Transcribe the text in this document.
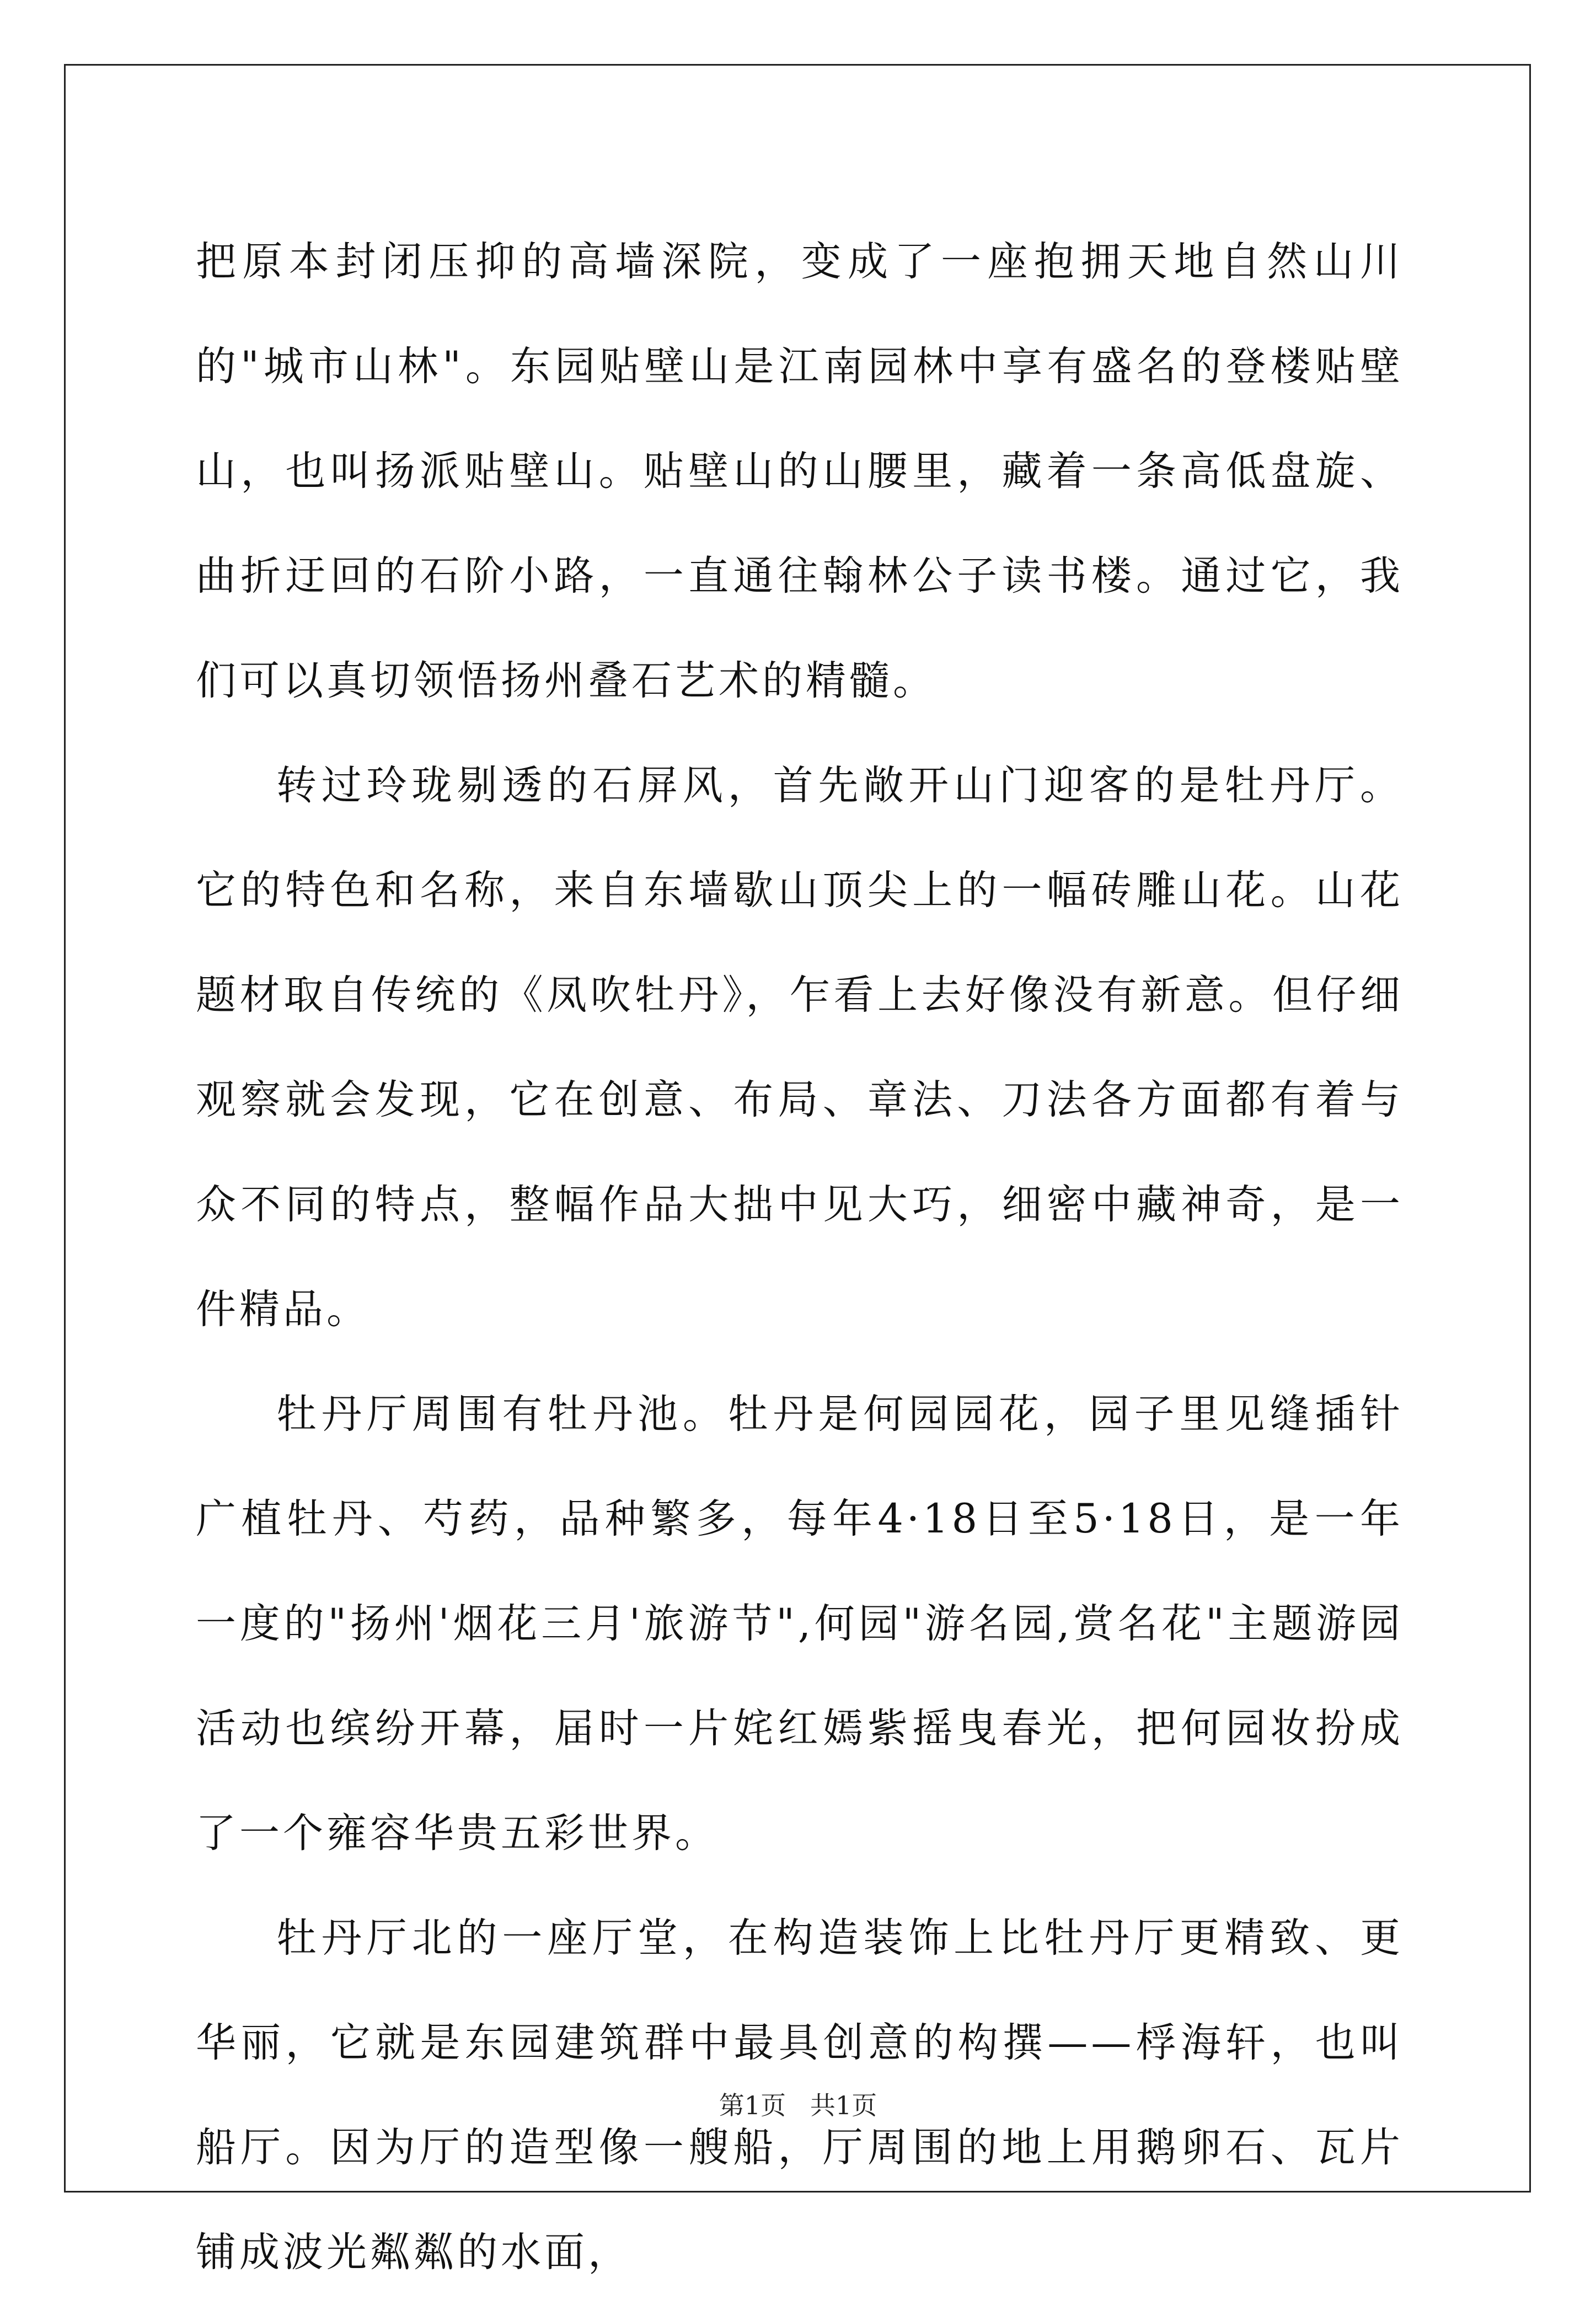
把原本封闭压抑的高墙深院，变成了一座抱拥天地自然山川的"城市山林"。东园贴壁山是江南园林中享有盛名的登楼贴壁山，也叫扬派贴壁山。贴壁山的山腰里，藏着一条高低盘旋、曲折迂回的石阶小路，一直通往翰林公子读书楼。通过它，我们可以真切领悟扬州叠石艺术的精髓。

转过玲珑剔透的石屏风，首先敞开山门迎客的是牡丹厅。它的特色和名称，来自东墙歇山顶尖上的一幅砖雕山花。山花题材取自传统的《凤吹牡丹》，乍看上去好像没有新意。但仔细观察就会发现，它在创意、布局、章法、刀法各方面都有着与众不同的特点，整幅作品大拙中见大巧，细密中藏神奇，是一件精品。

牡丹厅周围有牡丹池。牡丹是何园园花，园子里见缝插针广植牡丹、芍药，品种繁多，每年4·18日至5·18日，是一年一度的"扬州'烟花三月'旅游节",何园"游名园,赏名花"主题游园活动也缤纷开幕，届时一片姹红嫣紫摇曳春光，把何园妆扮成了一个雍容华贵五彩世界。

牡丹厅北的一座厅堂，在构造装饰上比牡丹厅更精致、更华丽，它就是东园建筑群中最具创意的构撰——桴海轩，也叫船厅。因为厅的造型像一艘船，厅周围的地上用鹅卵石、瓦片铺成波光粼粼的水面，

第1页   共1页
